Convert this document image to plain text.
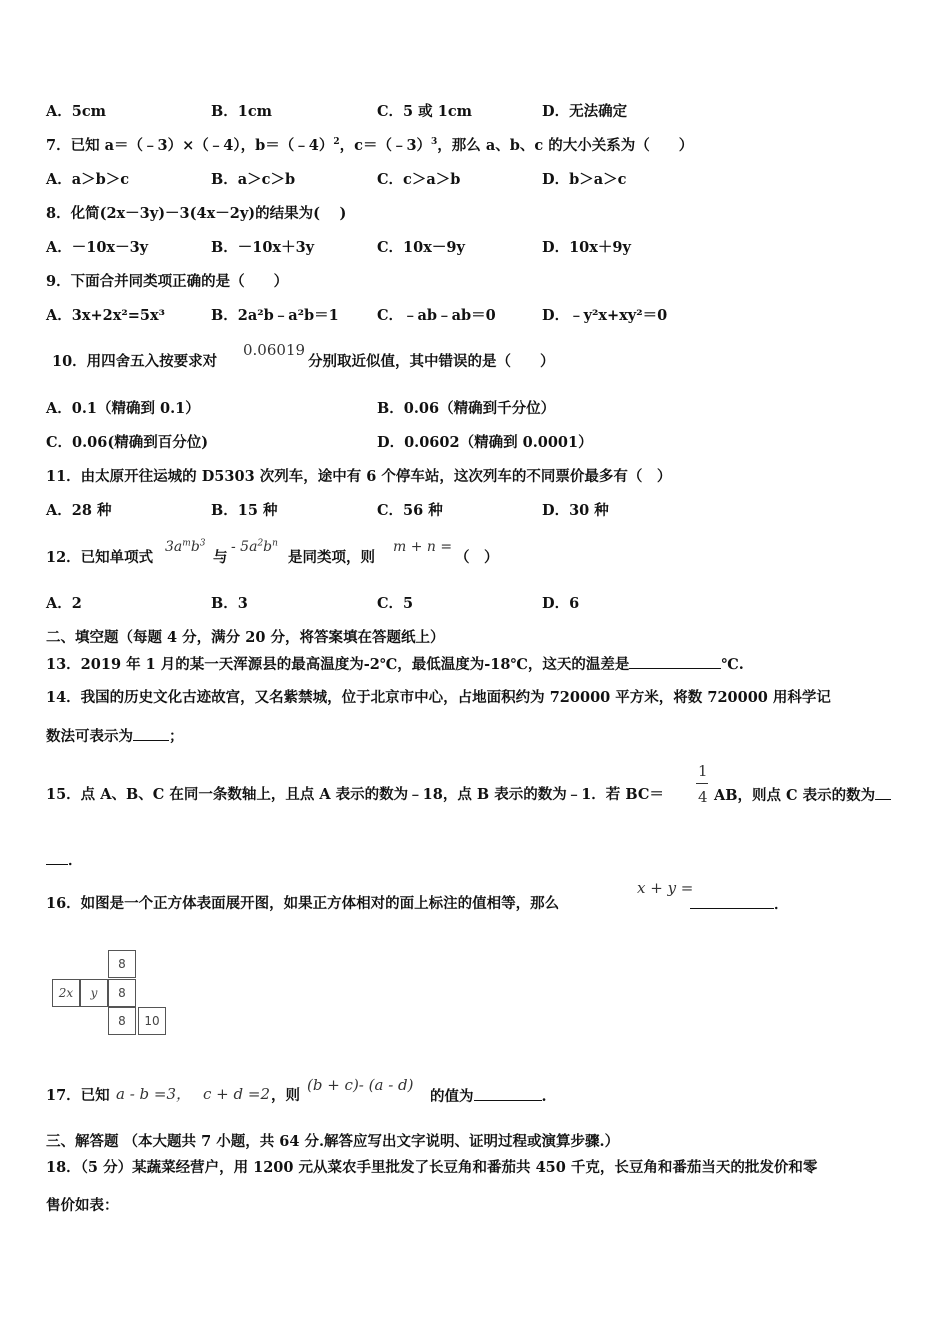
A．5cm	B．1cm	C．5 或 1cm	D．无法确定
7．已知 a＝（﹣3）×（﹣4），b＝（﹣4）$^2$，c＝（﹣3）$^3$，那么 a、b、c 的大小关系为（　　）
A．a＞b＞c	B．a＞c＞b	C．c＞a＞b	D．b＞a＞c
8．化简(2x－3y)－3(4x－2y)的结果为(　 )
A．－10x－3y	B．－10x＋3y	C．10x－9y	D．10x＋9y
9．下面合并同类项正确的是（　　）
A．3x+2x²=5x³	B．2a²b﹣a²b＝1	C．﹣ab﹣ab＝0	D．﹣y²x+xy²＝0
10．用四舍五入按要求对
0.06019
分别取近似值，其中错误的是（　　）
A．0.1（精确到 0.1）	B．0.06（精确到千分位）
C．0.06(精确到百分位)	D．0.0602（精确到 0.0001）
11．由太原开往运城的 D5303 次列车，途中有 6 个停车站，这次列车的不同票价最多有（　）
A．28 种	B．15 种	C．56 种	D．30 种
12．已知单项式
$3a^mb^3$
与
- $5a^2b^n$
是同类项，则
m + n =
（　）
A．2	B．3	C．5	D．6
二、填空题（每题 4 分，满分 20 分，将答案填在答题纸上）
13．2019 年 1 月的某一天浑源县的最高温度为-2℃，最低温度为-18℃，这天的温差是	℃.
14．我国的历史文化古迹故宫，又名紫禁城，位于北京市中心，占地面积约为 720000 平方米，将数 720000 用科学记
数法可表示为 ；
15．点 A、B、C 在同一条数轴上，且点 A 表示的数为﹣18，点 B 表示的数为﹣1．若 BC＝
1
4 AB，则点 C 表示的数为
．
16．如图是一个正方体表面展开图，如果正方体相对的面上标注的值相等，那么
x + y =
．
8
2x	y	8
8	10
17．已知 a - b =3， c + d =2 ，则
(b + c)- (a - d)
的值为	.
三、解答题 （本大题共 7 小题，共 64 分.解答应写出文字说明、证明过程或演算步骤.）
18．（5 分）某蔬菜经营户，用 1200 元从菜农手里批发了长豆角和番茄共 450 千克，长豆角和番茄当天的批发价和零
售价如表：
